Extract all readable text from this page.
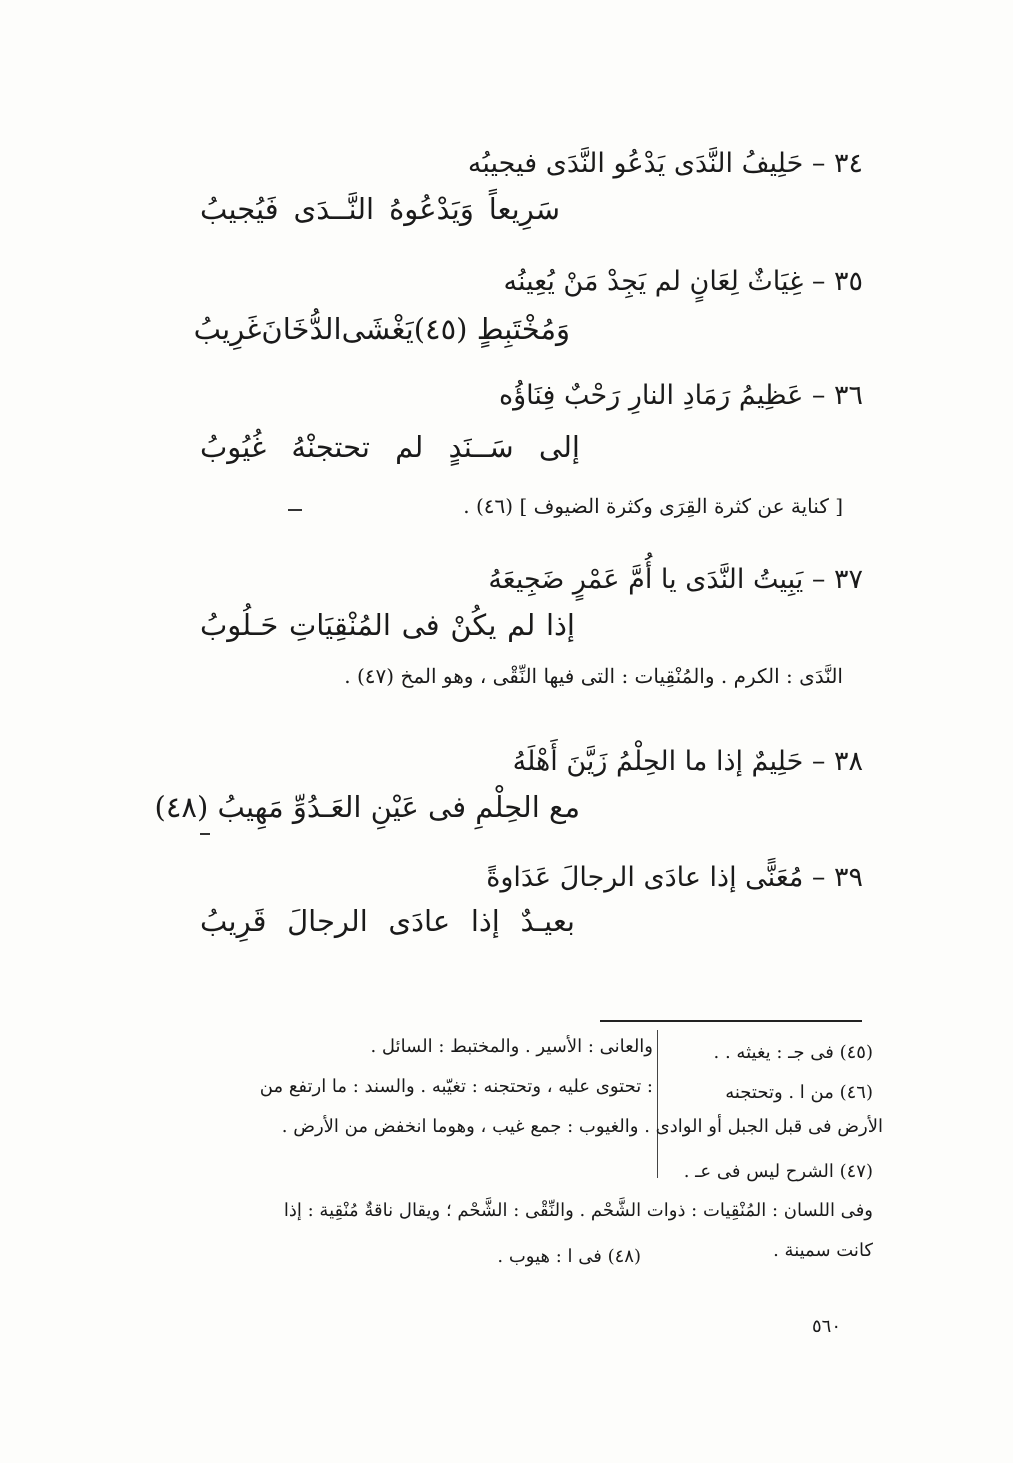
٣٤ – حَلِيفُ النَّدَى يَدْعُو النَّدَى فيجيبُه
سَرِيعاً
وَيَدْعُوهُ
النَّــدَى
فَيُجيبُ
٣٥ – غِيَاثٌ لِعَانٍ لم يَجِدْ مَنْ يُعِينُه
وَمُخْتَبِطٍ (٤٥)
يَغْشَى
الدُّخَانَ
غَرِيبُ
٣٦ – عَظِيمُ رَمَادِ النارِ رَحْبٌ فِنَاؤُه
إلى
سَــنَدٍ
لم
تحتجنْهُ
غُيُوبُ
[ كناية عن كثرة القِرَى وكثرة الضيوف ] (٤٦) .
٣٧ – يَبِيتُ النَّدَى يا أُمَّ عَمْرٍ ضَجِيعَهُ
إذا لم يكُنْ فى المُنْقِيَاتِ حَـلُوبُ
النَّدَى : الكرم . والمُنْقِيات : التى فيها النِّقْى ، وهو المخ (٤٧) .
٣٨ – حَلِيمٌ إذا ما الحِلْمُ زَيَّنَ أَهْلَهُ
مع الحِلْمِ فى عَيْنِ العَـدُوِّ مَهِيبُ (٤٨)
٣٩ – مُعَنًّى إذا عادَى الرجالَ عَدَاوةً
بعيـدٌ
إذا
عادَى
الرجالَ
قَرِيبُ
(٤٥) فى جـ : يغيثه . .
والعانى : الأسير . والمختبط : السائل .
(٤٦) من ا . وتحتجنه
: تحتوى عليه ، وتحتجنه : تغيّبه . والسند : ما ارتفع من
الأرض فى قبل الجبل أو الوادى . والغيوب : جمع غيب ، وهوما انخفض من الأرض .
(٤٧) الشرح ليس فى عـ .
وفى اللسان : المُنْقِيات : ذوات الشَّحْم . والنِّقْى : الشَّحْم ؛ ويقال ناقةٌ مُنْقِية : إذا
كانت سمينة .
(٤٨) فى ا : هيوب .
٥٦٠
